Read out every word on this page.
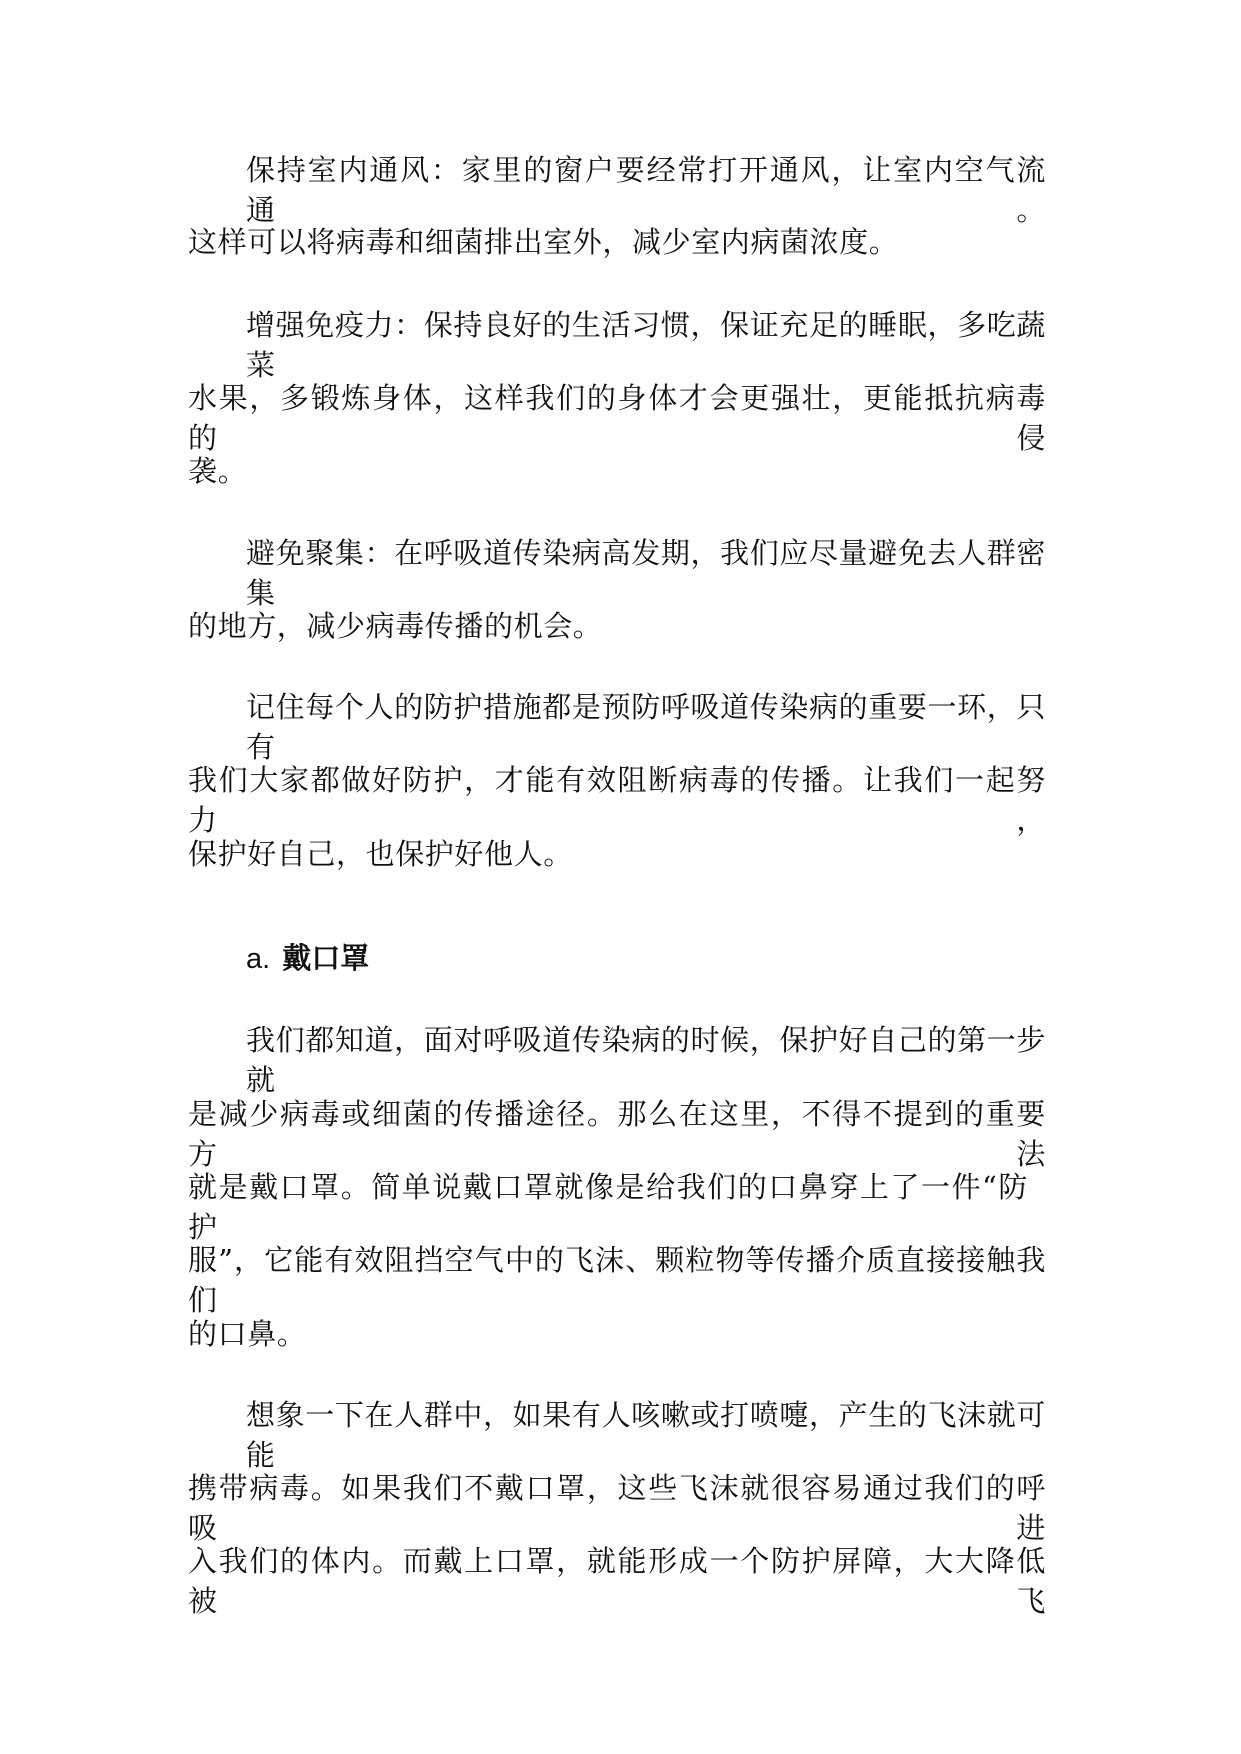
保持室内通风：家里的窗户要经常打开通风，让室内空气流通。
这样可以将病毒和细菌排出室外，减少室内病菌浓度。
增强免疫力：保持良好的生活习惯，保证充足的睡眠，多吃蔬菜
水果，多锻炼身体，这样我们的身体才会更强壮，更能抵抗病毒的侵
袭。
避免聚集：在呼吸道传染病高发期，我们应尽量避免去人群密集
的地方，减少病毒传播的机会。
记住每个人的防护措施都是预防呼吸道传染病的重要一环，只有
我们大家都做好防护，才能有效阻断病毒的传播。让我们一起努力，
保护好自己，也保护好他人。
a. 戴口罩
我们都知道，面对呼吸道传染病的时候，保护好自己的第一步就
是减少病毒或细菌的传播途径。那么在这里，不得不提到的重要方法
就是戴口罩。简单说戴口罩就像是给我们的口鼻穿上了一件“防护
服”，它能有效阻挡空气中的飞沫、颗粒物等传播介质直接接触我们
的口鼻。
想象一下在人群中，如果有人咳嗽或打喷嚏，产生的飞沫就可能
携带病毒。如果我们不戴口罩，这些飞沫就很容易通过我们的呼吸进
入我们的体内。而戴上口罩，就能形成一个防护屏障，大大降低被飞
